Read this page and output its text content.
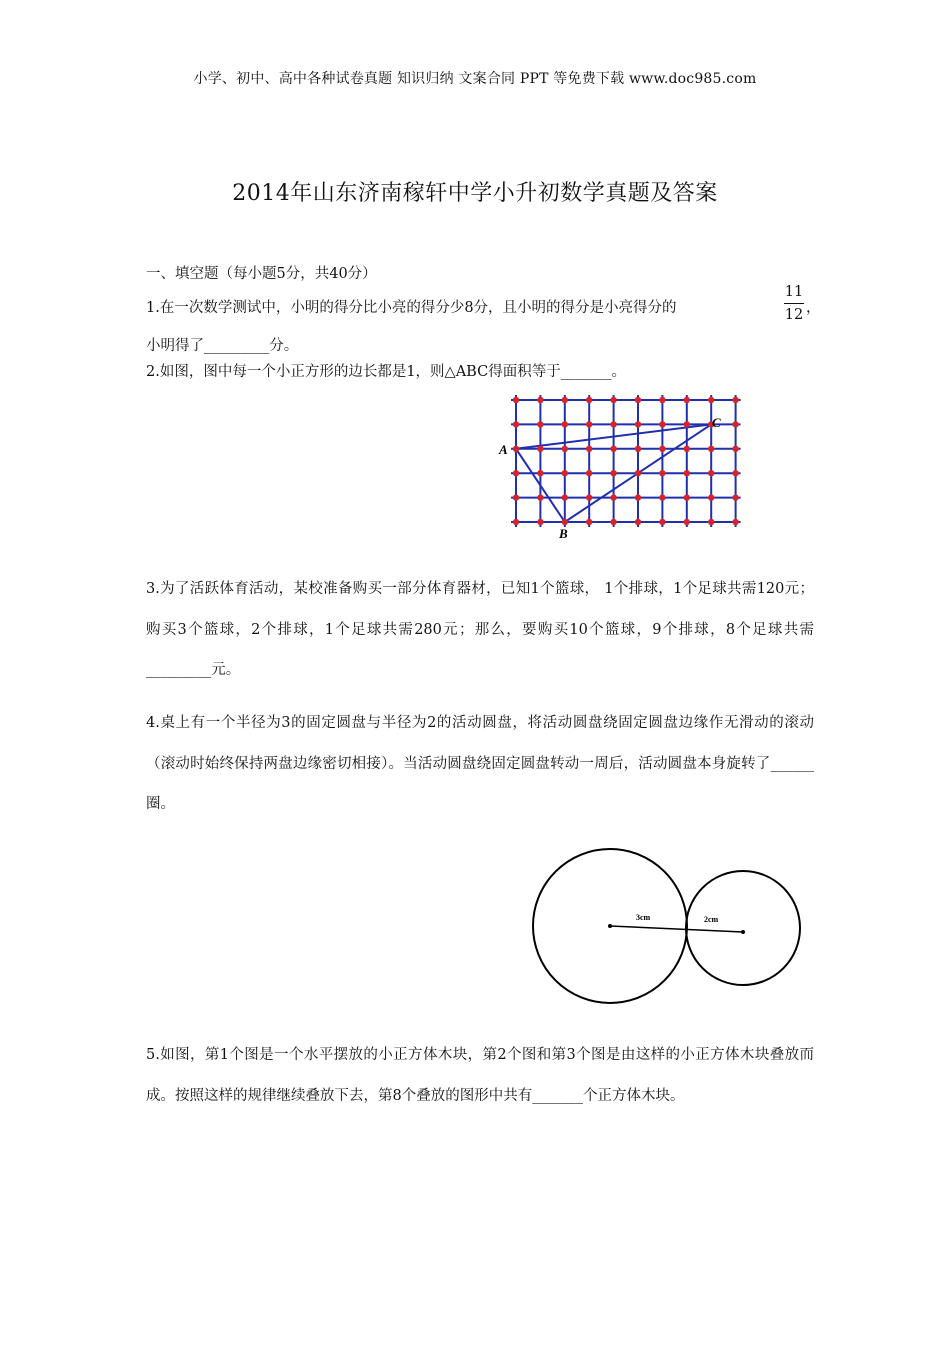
小学、初中、高中各种试卷真题 知识归纳 文案合同 PPT 等免费下载 www.doc985.com
2014年山东济南稼轩中学小升初数学真题及答案
一、填空题（每小题5分，共40分）
1.在一次数学测试中，小明的得分比小亮的得分少8分，且小明的得分是小亮得分的
11
12 ，
小明得了_________分。
2.如图，图中每一个小正方形的边长都是1，则△ABC得面积等于_______。
A
B
C
3.为了活跃体育活动，某校准备购买一部分体育器材，已知1个篮球， 1个排球，1个足球共需120元；购买3个篮球，2个排球，1个足球共需280元；那么，要购买10个篮球，9个排球，8个足球共需_________元。
4.桌上有一个半径为3的固定圆盘与半径为2的活动圆盘，将活动圆盘绕固定圆盘边缘作无滑动的滚动（滚动时始终保持两盘边缘密切相接）。当活动圆盘绕固定圆盘转动一周后，活动圆盘本身旋转了______圈。
3cm	2cm
5.如图，第1个图是一个水平摆放的小正方体木块，第2个图和第3个图是由这样的小正方体木块叠放而成。按照这样的规律继续叠放下去，第8个叠放的图形中共有_______个正方体木块。
